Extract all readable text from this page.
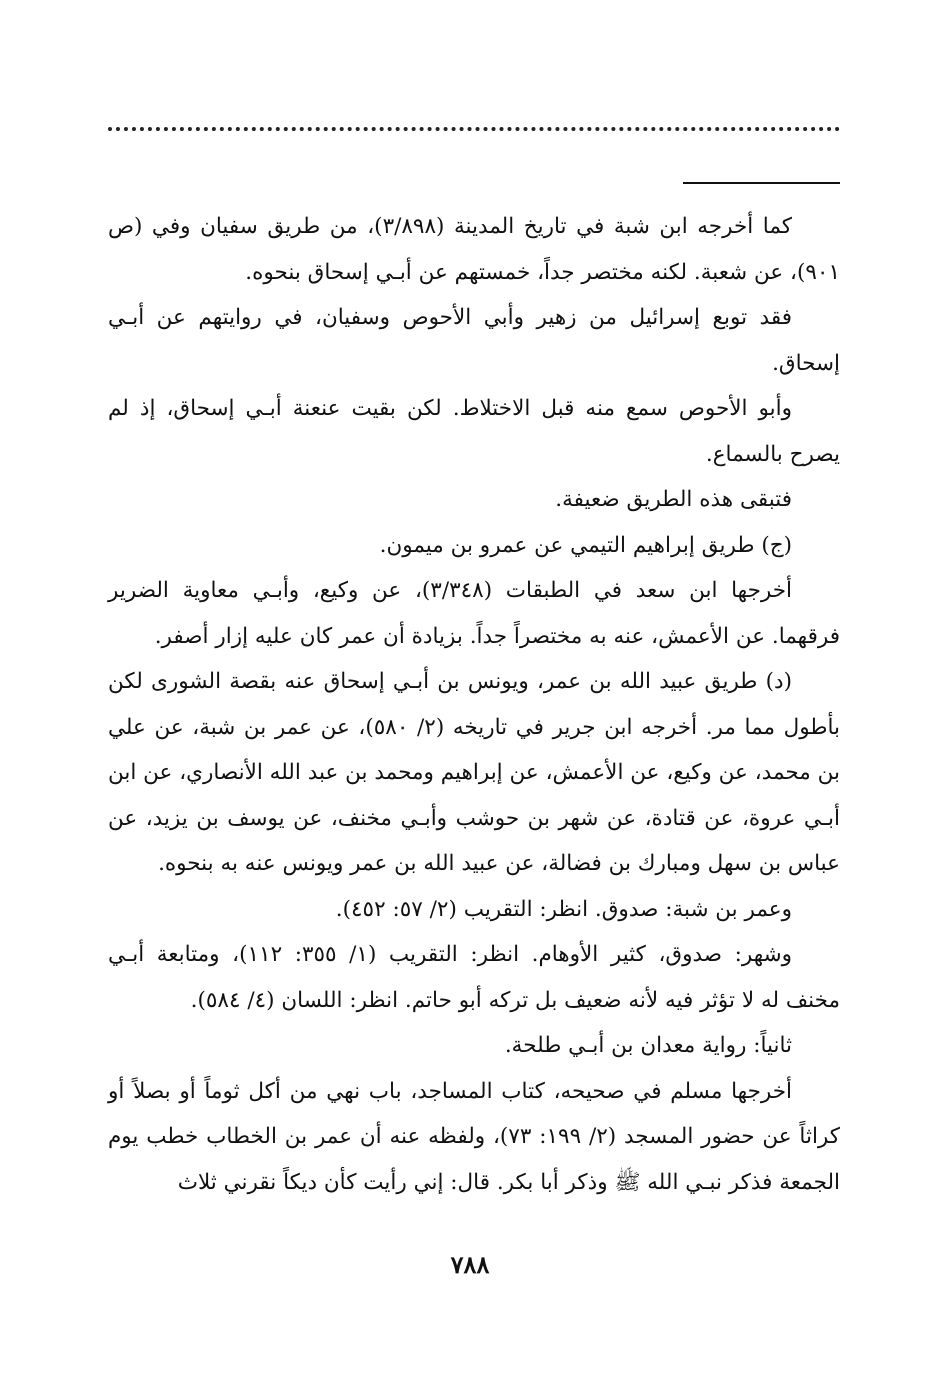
كما أخرجه ابن شبة في تاريخ المدينة (٣/٨٩٨)، من طريق سفيان وفي (ص ٩٠١)، عن شعبة. لكنه مختصر جداً، خمستهم عن أبـي إسحاق بنحوه.

فقد توبع إسرائيل من زهير وأبي الأحوص وسفيان، في روايتهم عن أبـي إسحاق.

وأبو الأحوص سمع منه قبل الاختلاط. لكن بقيت عنعنة أبـي إسحاق، إذ لم يصرح بالسماع.

فتبقى هذه الطريق ضعيفة.

(ج) طريق إبراهيم التيمي عن عمرو بن ميمون.

أخرجها ابن سعد في الطبقات (٣/٣٤٨)، عن وكيع، وأبـي معاوية الضرير فرقهما. عن الأعمش، عنه به مختصراً جداً. بزيادة أن عمر كان عليه إزار أصفر.

(د) طريق عبيد الله بن عمر، ويونس بن أبـي إسحاق عنه بقصة الشورى لكن بأطول مما مر. أخرجه ابن جرير في تاريخه (٢/ ٥٨٠)، عن عمر بن شبة، عن علي بن محمد، عن وكيع، عن الأعمش، عن إبراهيم ومحمد بن عبد الله الأنصاري، عن ابن أبـي عروة، عن قتادة، عن شهر بن حوشب وأبـي مخنف، عن يوسف بن يزيد، عن عباس بن سهل ومبارك بن فضالة، عن عبيد الله بن عمر ويونس عنه به بنحوه.

وعمر بن شبة: صدوق. انظر: التقريب (٢/ ٥٧: ٤٥٢).

وشهر: صدوق، كثير الأوهام. انظر: التقريب (١/ ٣٥٥: ١١٢)، ومتابعة أبـي مخنف له لا تؤثر فيه لأنه ضعيف بل تركه أبو حاتم. انظر: اللسان (٤/ ٥٨٤).

ثانياً: رواية معدان بن أبـي طلحة.

أخرجها مسلم في صحيحه، كتاب المساجد، باب نهي من أكل ثوماً أو بصلاً أو كراثاً عن حضور المسجد (٢/ ١٩٩: ٧٣)، ولفظه عنه أن عمر بن الخطاب خطب يوم الجمعة فذكر نبـي الله ﷺ وذكر أبا بكر. قال: إني رأيت كأن ديكاً نقرني ثلاث

٧٨٨
